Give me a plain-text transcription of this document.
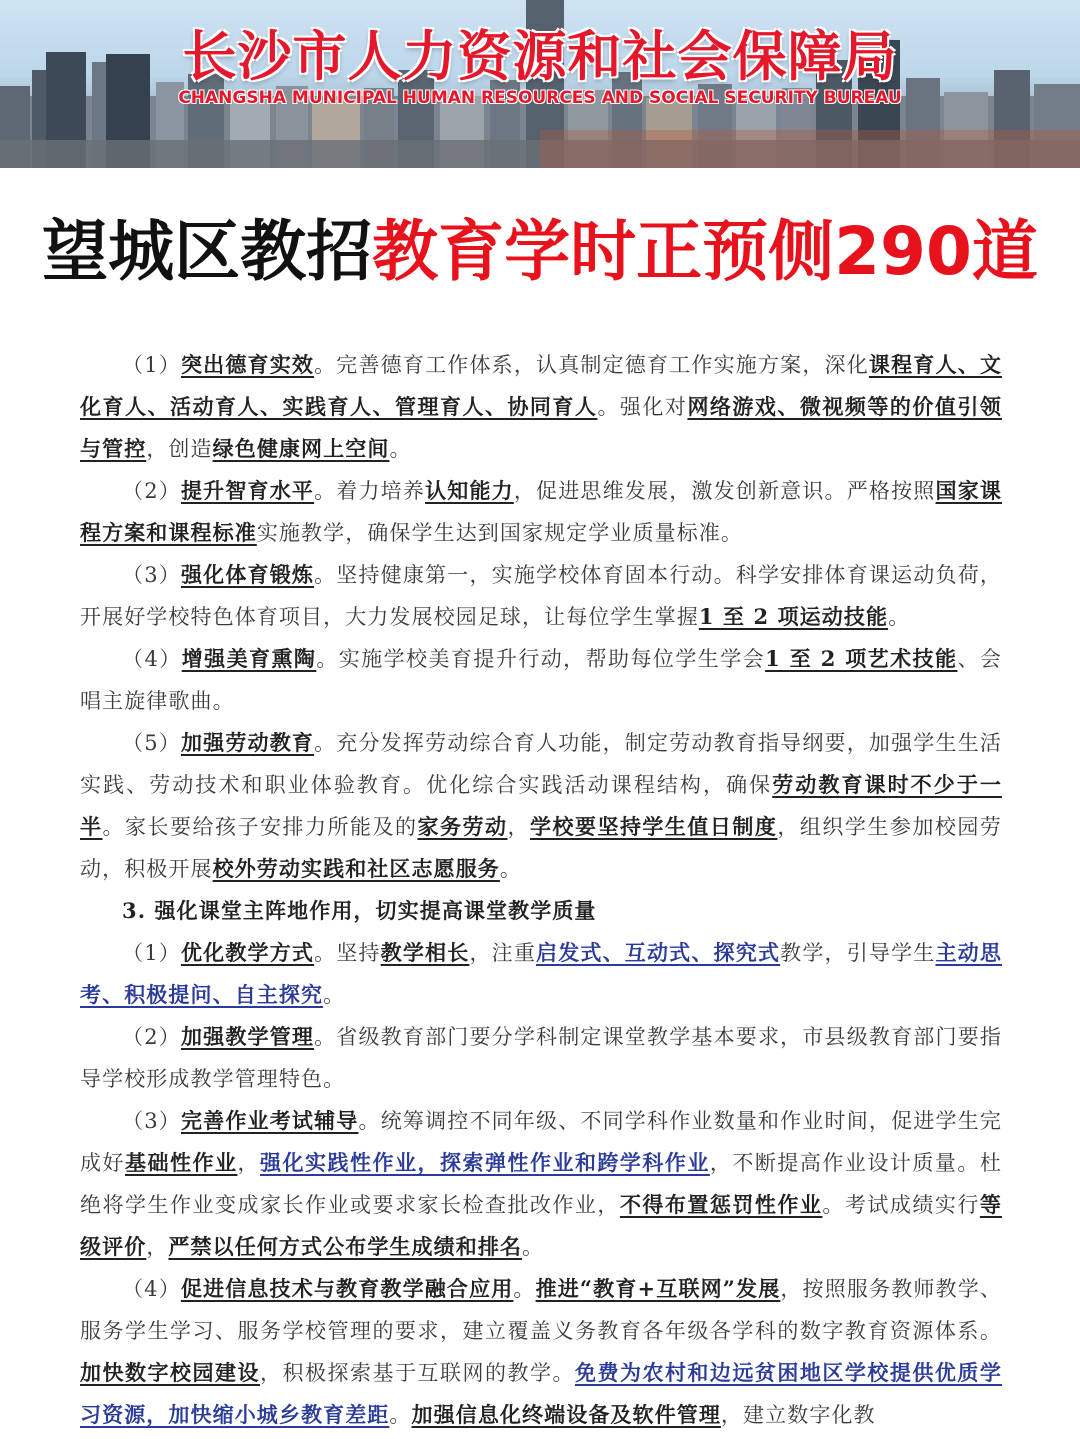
长沙市人力资源和社会保障局
CHANGSHA MUNICIPAL HUMAN RESOURCES AND SOCIAL SECURITY BUREAU
望城区教招教育学时正预侧290道

（1）突出德育实效。完善德育工作体系，认真制定德育工作实施方案，深化课程育人、文化育人、活动育人、实践育人、管理育人、协同育人。强化对网络游戏、微视频等的价值引领与管控，创造绿色健康网上空间。

（2）提升智育水平。着力培养认知能力，促进思维发展，激发创新意识。严格按照国家课程方案和课程标准实施教学，确保学生达到国家规定学业质量标准。

（3）强化体育锻炼。坚持健康第一，实施学校体育固本行动。科学安排体育课运动负荷，开展好学校特色体育项目，大力发展校园足球，让每位学生掌握1 至 2 项运动技能。

（4）增强美育熏陶。实施学校美育提升行动，帮助每位学生学会1 至 2 项艺术技能、会唱主旋律歌曲。

（5）加强劳动教育。充分发挥劳动综合育人功能，制定劳动教育指导纲要，加强学生生活实践、劳动技术和职业体验教育。优化综合实践活动课程结构，确保劳动教育课时不少于一半。家长要给孩子安排力所能及的家务劳动，学校要坚持学生值日制度，组织学生参加校园劳动，积极开展校外劳动实践和社区志愿服务。

3. 强化课堂主阵地作用，切实提高课堂教学质量

（1）优化教学方式。坚持教学相长，注重启发式、互动式、探究式教学，引导学生主动思考、积极提问、自主探究。

（2）加强教学管理。省级教育部门要分学科制定课堂教学基本要求，市县级教育部门要指导学校形成教学管理特色。

（3）完善作业考试辅导。统筹调控不同年级、不同学科作业数量和作业时间，促进学生完成好基础性作业，强化实践性作业，探索弹性作业和跨学科作业，不断提高作业设计质量。杜绝将学生作业变成家长作业或要求家长检查批改作业，不得布置惩罚性作业。考试成绩实行等级评价，严禁以任何方式公布学生成绩和排名。

（4）促进信息技术与教育教学融合应用。推进“教育+互联网”发展，按照服务教师教学、服务学生学习、服务学校管理的要求，建立覆盖义务教育各年级各学科的数字教育资源体系。加快数字校园建设，积极探索基于互联网的教学。免费为农村和边远贫困地区学校提供优质学习资源，加快缩小城乡教育差距。加强信息化终端设备及软件管理，建立数字化教
